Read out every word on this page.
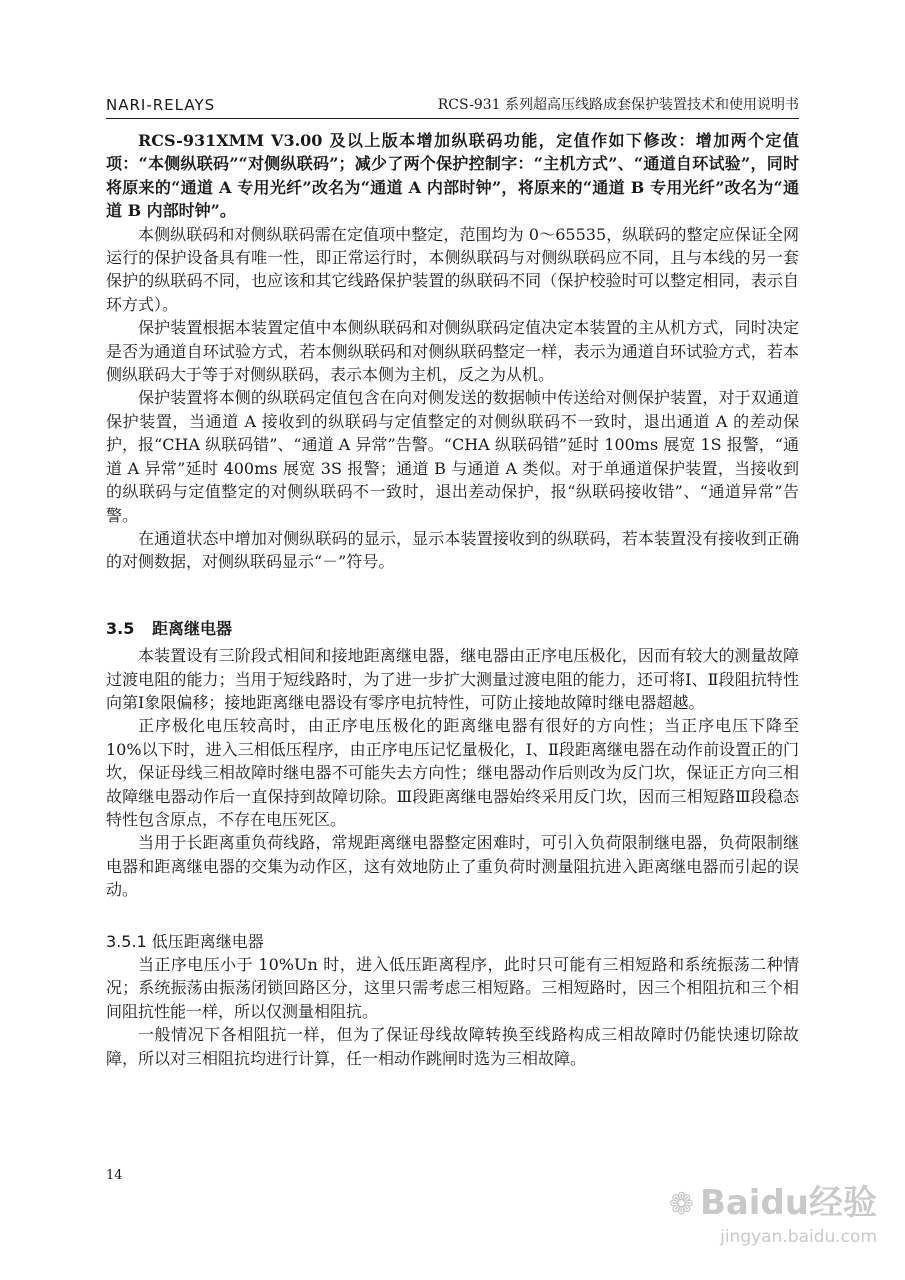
NARI-RELAYS	RCS-931 系列超高压线路成套保护装置技术和使用说明书

RCS-931XMM V3.00 及以上版本增加纵联码功能，定值作如下修改：增加两个定值项：“本侧纵联码”“对侧纵联码”；减少了两个保护控制字：“主机方式”、“通道自环试验”，同时将原来的“通道 A 专用光纤”改名为“通道 A 内部时钟”，将原来的“通道 B 专用光纤”改名为“通道 B 内部时钟”。

本侧纵联码和对侧纵联码需在定值项中整定，范围均为 0～65535，纵联码的整定应保证全网运行的保护设备具有唯一性，即正常运行时，本侧纵联码与对侧纵联码应不同，且与本线的另一套保护的纵联码不同，也应该和其它线路保护装置的纵联码不同（保护校验时可以整定相同，表示自环方式）。

保护装置根据本装置定值中本侧纵联码和对侧纵联码定值决定本装置的主从机方式，同时决定是否为通道自环试验方式，若本侧纵联码和对侧纵联码整定一样，表示为通道自环试验方式，若本侧纵联码大于等于对侧纵联码，表示本侧为主机，反之为从机。

保护装置将本侧的纵联码定值包含在向对侧发送的数据帧中传送给对侧保护装置，对于双通道保护装置，当通道 A 接收到的纵联码与定值整定的对侧纵联码不一致时，退出通道 A 的差动保护，报“CHA 纵联码错”、“通道 A 异常”告警。“CHA 纵联码错”延时 100ms 展宽 1S 报警，“通道 A 异常”延时 400ms 展宽 3S 报警；通道 B 与通道 A 类似。对于单通道保护装置，当接收到的纵联码与定值整定的对侧纵联码不一致时，退出差动保护，报“纵联码接收错”、“通道异常”告警。

在通道状态中增加对侧纵联码的显示，显示本装置接收到的纵联码，若本装置没有接收到正确的对侧数据，对侧纵联码显示“－”符号。

3.5 距离继电器

本装置设有三阶段式相间和接地距离继电器，继电器由正序电压极化，因而有较大的测量故障过渡电阻的能力；当用于短线路时，为了进一步扩大测量过渡电阻的能力，还可将Ⅰ、Ⅱ段阻抗特性向第Ⅰ象限偏移；接地距离继电器设有零序电抗特性，可防止接地故障时继电器超越。

正序极化电压较高时，由正序电压极化的距离继电器有很好的方向性；当正序电压下降至 10%以下时，进入三相低压程序，由正序电压记忆量极化，Ⅰ、Ⅱ段距离继电器在动作前设置正的门坎，保证母线三相故障时继电器不可能失去方向性；继电器动作后则改为反门坎，保证正方向三相故障继电器动作后一直保持到故障切除。Ⅲ段距离继电器始终采用反门坎，因而三相短路Ⅲ段稳态特性包含原点，不存在电压死区。

当用于长距离重负荷线路，常规距离继电器整定困难时，可引入负荷限制继电器，负荷限制继电器和距离继电器的交集为动作区，这有效地防止了重负荷时测量阻抗进入距离继电器而引起的误动。

3.5.1 低压距离继电器

当正序电压小于 10%Un 时，进入低压距离程序，此时只可能有三相短路和系统振荡二种情况；系统振荡由振荡闭锁回路区分，这里只需考虑三相短路。三相短路时，因三个相阻抗和三个相间阻抗性能一样，所以仅测量相阻抗。

一般情况下各相阻抗一样，但为了保证母线故障转换至线路构成三相故障时仍能快速切除故障，所以对三相阻抗均进行计算，任一相动作跳闸时选为三相故障。

14
❁ Baidu经验
jingyan.baidu.com
